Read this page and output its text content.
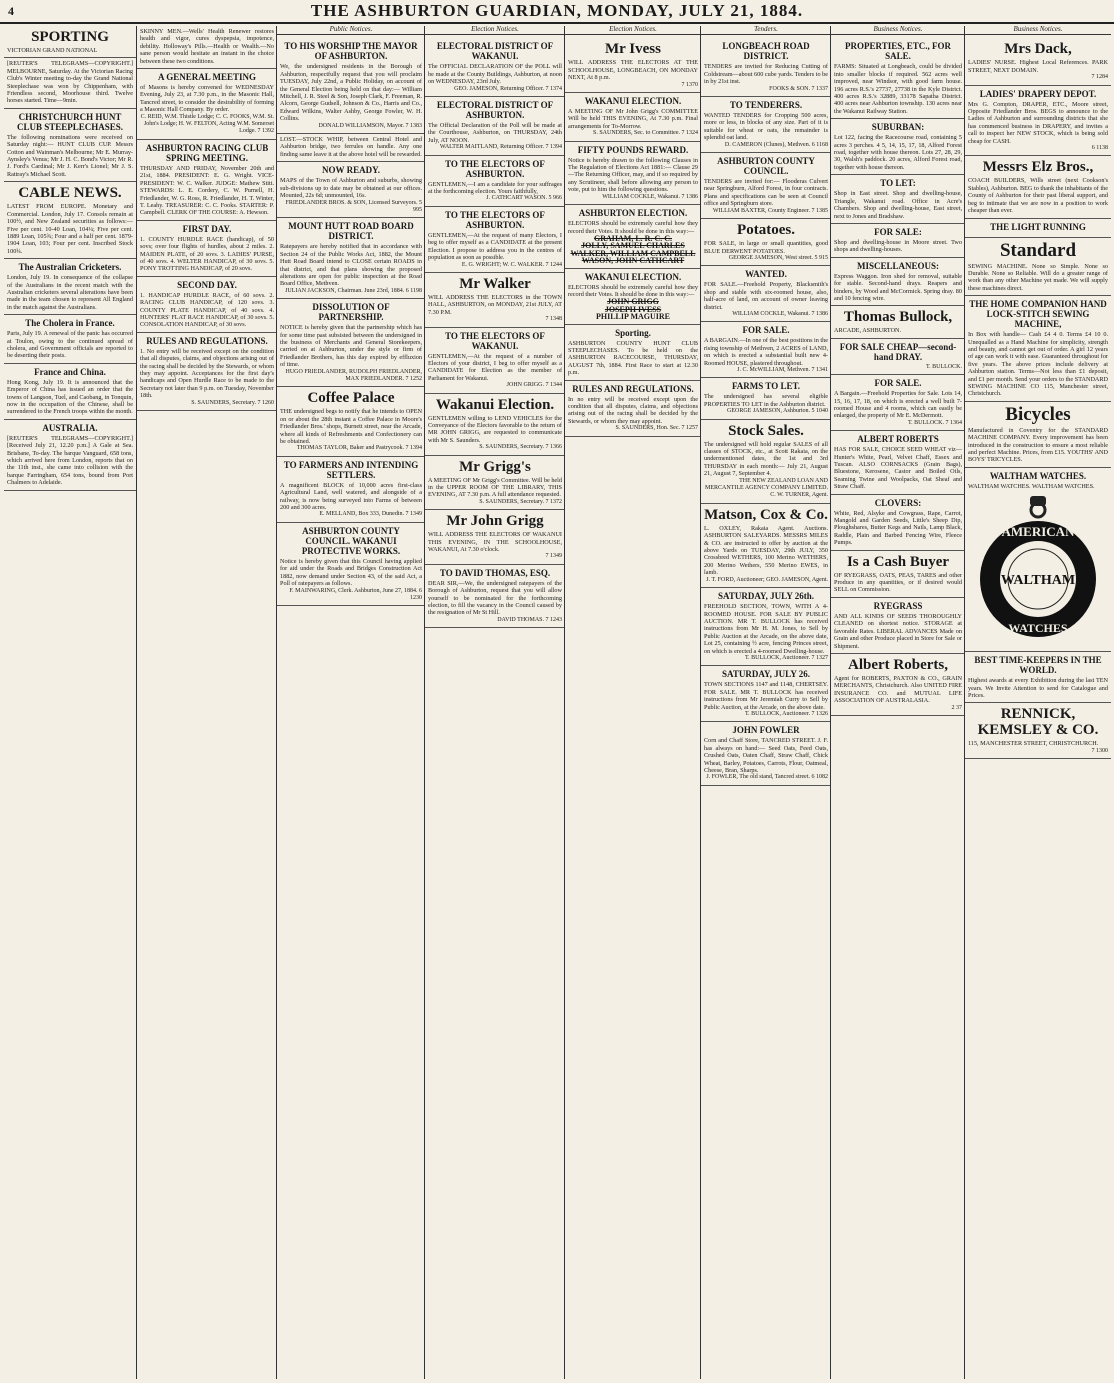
4	THE ASHBURTON GUARDIAN, MONDAY, JULY 21, 1884.
SPORTING
VICTORIAN GRAND NATIONAL
[REUTER'S TELEGRAMS—COPYRIGHT.] MELBOURNE, Saturday. At the Victorian Racing Club's Winter meeting to-day the Grand National Steeplechase was won by Chippenham, with Friendless second, Moorhouse third. Twelve horses started. Time—9min.
CHRISTCHURCH HUNT CLUB STEEPLECHASES.
The following nominations were received on Saturday night:— HUNT CLUB CUP. Messrs Cotton and Wainman's Melbourne; Mr E. Murray-Aynsley's Venus; Mr J. H. C. Bond's Victor; Mr R. J. Ford's Cardinal; Mr J. Kerr's Lionel; Mr J. S. Rattray's Michael Scott.
CABLE NEWS.
LATEST FROM EUROPE. Monetary and Commercial. London, July 17. Consols remain at 100½, and New Zealand securities as follows:—Five per cent. 10-40 Loan, 104¼; Five per cent. 1889 Loan, 105¾; Four and a half per cent. 1879-1904 Loan, 103; Four per cent. Inscribed Stock 100¾.
The Australian Cricketers.
London, July 19. In consequence of the collapse of the Australians in the recent match with the Australian cricketers several alterations have been made in the team chosen to represent All England in the match against the Australians.
The Cholera in France.
Paris, July 19. A renewal of the panic has occurred at Toulon, owing to the continued spread of cholera, and Government officials are reported to be deserting their posts.
France and China.
Hong Kong, July 19. It is announced that the Emperor of China has issued an order that the towns of Langson, Tuel, and Caobang, in Tonquin, now in the occupation of the Chinese, shall be surrendered to the French troops within the month.
AUSTRALIA.
[REUTER'S TELEGRAMS—COPYRIGHT.] [Received July 21, 12.20 p.m.] A Gale at Sea. Brisbane, To-day. The barque Vanguard, 658 tons, which arrived here from London, reports that on the 11th inst., she came into collision with the barque Farringham, 654 tons, bound from Port Chalmers to Adelaide.
SKINNY MEN.—Wells' Health Renewer restores health and vigor, cures dyspepsia, impotence, debility. Holloway's Pills.—Health or Wealth.—No sane person would hesitate an instant in the choice between these two conditions.
A GENERAL MEETING
of Masons is hereby convened for WEDNESDAY Evening, July 23, at 7.30 p.m., in the Masonic Hall, Tancred street, to consider the desirability of forming a Masonic Hall Company. By order.
C. REID, W.M. Thistle Lodge; C. C. FOOKS, W.M. St. John's Lodge; H. W. FELTON, Acting W.M. Somerset Lodge. 7 1392
ASHBURTON RACING CLUB SPRING MEETING.
THURSDAY AND FRIDAY, November 20th and 21st, 1884. PRESIDENT: E. G. Wright. VICE-PRESIDENT: W. C. Walker. JUDGE: Mathew Stitt. STEWARDS: L. E. Cordery, C. W. Purnell, H. Friedlander, W. G. Ross, R. Friedlander, H. T. Winter, T. Leahy. TREASURER: C. C. Fooks. STARTER: P. Campbell. CLERK OF THE COURSE: A. Hewson.
FIRST DAY.
1. COUNTY HURDLE RACE (handicap), of 50 sovs; over four flights of hurdles, about 2 miles. 2. MAIDEN PLATE, of 20 sovs. 3. LADIES' PURSE, of 40 sovs. 4. WELTER HANDICAP, of 30 sovs. 5. PONY TROTTING HANDICAP, of 20 sovs.
SECOND DAY.
1. HANDICAP HURDLE RACE, of 60 sovs. 2. RACING CLUB HANDICAP, of 120 sovs. 3. COUNTY PLATE HANDICAP, of 40 sovs. 4. HUNTERS' FLAT RACE HANDICAP, of 30 sovs. 5. CONSOLATION HANDICAP, of 30 sovs.
RULES AND REGULATIONS.
1. No entry will be received except on the condition that all disputes, claims, and objections arising out of the racing shall be decided by the Stewards, or whom they may appoint. Acceptances for the first day's handicaps and Open Hurdle Race to be made to the Secretary not later than 9 p.m. on Tuesday, November 18th.
S. SAUNDERS, Secretary. 7 1260
Public Notices.
TO HIS WORSHIP THE MAYOR OF ASHBURTON.
We, the undersigned residents in the Borough of Ashburton, respectfully request that you will proclaim TUESDAY, July 22nd, a Public Holiday, on account of the General Election being held on that day:— William Mitchell, J. R. Steel & Son, Joseph Clark, F. Freeman, R. Alcorn, George Gudsell, Johnson & Co., Harris and Co., Edward Wilkins, Walter Ashby, George Fowler, W. H. Collins.
DONALD WILLIAMSON, Mayor. 7 1383
LOST.—STOCK WHIP, between Central Hotel and Ashburton bridge, two ferrules on handle. Any one finding same leave it at the above hotel will be rewarded.
NOW READY.
MAPS of the Town of Ashburton and suburbs, showing sub-divisions up to date may be obtained at our offices. Mounted, 22s 6d; unmounted, 16s.
FRIEDLANDER BROS. & SON, Licensed Surveyors. 5 995
MOUNT HUTT ROAD BOARD DISTRICT.
Ratepayers are hereby notified that in accordance with Section 24 of the Public Works Act, 1882, the Mount Hutt Road Board intend to CLOSE certain ROADS in that district, and that plans showing the proposed alterations are open for public inspection at the Road Board Office, Methven.
JULIAN JACKSON, Chairman. June 23rd, 1884. 6 1198
DISSOLUTION OF PARTNERSHIP.
NOTICE is hereby given that the partnership which has for some time past subsisted between the undersigned in the business of Merchants and General Storekeepers, carried on at Ashburton, under the style or firm of Friedlander Brothers, has this day expired by effluxion of time.
HUGO FRIEDLANDER, RUDOLPH FRIEDLANDER, MAX FRIEDLANDER. 7 1252
Coffee Palace
THE undersigned begs to notify that he intends to OPEN on or about the 28th instant a Coffee Palace in Moore's Friedlander Bros.' shops, Burnett street, near the Arcade, where all kinds of Refreshments and Confectionery can be obtained.
THOMAS TAYLOR, Baker and Pastrycook. 7 1394
TO FARMERS AND INTENDING SETTLERS.
A magnificent BLOCK of 10,000 acres first-class Agricultural Land, well watered, and alongside of a railway, is now being surveyed into Farms of between 200 and 300 acres.
E. MELLAND, Box 333, Dunedin. 7 1349
ASHBURTON COUNTY COUNCIL. WAKANUI PROTECTIVE WORKS.
Notice is hereby given that this Council having applied for aid under the Roads and Bridges Construction Act 1882, now demand under Section 43, of the said Act, a Poll of ratepayers as follows.
F. MAINWARING, Clerk. Ashburton, June 27, 1884. 6 1230
Election Notices.
ELECTORAL DISTRICT OF WAKANUI.
The OFFICIAL DECLARATION OF the POLL will be made at the County Buildings, Ashburton, at noon on WEDNESDAY, 23rd July.
GEO. JAMESON, Returning Officer. 7 1374
ELECTORAL DISTRICT OF ASHBURTON.
The Official Declaration of the Poll will be made at the Courthouse, Ashburton, on THURSDAY, 24th July, AT NOON.
WALTER MAITLAND, Returning Officer. 7 1394
TO THE ELECTORS OF ASHBURTON.
GENTLEMEN,—I am a candidate for your suffrages at the forthcoming election. Yours faithfully,
J. CATHCART WASON. 5 966
TO THE ELECTORS OF ASHBURTON.
GENTLEMEN,—At the request of many Electors, I beg to offer myself as a CANDIDATE at the present Election. I propose to address you in the centres of population as soon as possible.
E. G. WRIGHT; W. C. WALKER. 7 1244
Mr Walker
WILL ADDRESS THE ELECTORS in the TOWN HALL, ASHBURTON, on MONDAY, 21st JULY, AT 7.30 P.M.
7 1348
TO THE ELECTORS OF WAKANUI.
GENTLEMEN,—At the request of a number of Electors of your district, I beg to offer myself as a CANDIDATE for Election as the member of Parliament for Wakanui.
JOHN GRIGG. 7 1344
Wakanui Election.
GENTLEMEN willing to LEND VEHICLES for the Conveyance of the Electors favorable to the return of MR JOHN GRIGG, are requested to communicate with Mr S. Saunders.
S. SAUNDERS, Secretary. 7 1366
Mr Grigg's
A MEETING OF Mr Grigg's Committee. Will be held in the UPPER ROOM OF THE LIBRARY, THIS EVENING, AT 7.30 p.m. A full attendance requested.
S. SAUNDERS, Secretary. 7 1372
Mr John Grigg
WILL ADDRESS THE ELECTORS OF WAKANUI THIS EVENING, IN THE SCHOOLHOUSE, WAKANUI, At 7.30 o'clock.
7 1349
TO DAVID THOMAS, ESQ.
DEAR SIR,—We, the undersigned ratepayers of the Borough of Ashburton, request that you will allow yourself to be nominated for the forthcoming election, to fill the vacancy in the Council caused by the resignation of Mr St Hill.
DAVID THOMAS. 7 1243
Election Notices.
Mr Ivess
WILL ADDRESS THE ELECTORS AT THE SCHOOLHOUSE, LONGBEACH, ON MONDAY NEXT, At 8 p.m.
7 1370
WAKANUI ELECTION.
A MEETING OF Mr John Grigg's COMMITTEE Will be held THIS EVENING, At 7.30 p.m. Final arrangements for To-Morrow.
S. SAUNDERS, Sec. to Committee. 7 1324
FIFTY POUNDS REWARD.
Notice is hereby drawn to the following Clauses in The Regulation of Elections Act 1881:— Clause 29—The Returning Officer, may, and if so required by any Scrutineer, shall before allowing any person to vote, put to him the following questions.
WILLIAM COCKLE, Wakanui. 7 1386
ASHBURTON ELECTION.
ELECTORS should be extremely careful how they record their Votes. It should be done in this way:—
GRAHAM, L. R. C. C.
JOLLY, SAMUEL CHARLES
WALKER, WILLIAM CAMPBELL
WASON, JOHN CATHCART
WAKANUI ELECTION.
ELECTORS should be extremely careful how they record their Votes. It should be done in this way:—
JOHN GRIGG
JOSEPH IVESS
PHILLIP MAGUIRE
Sporting.
ASHBURTON COUNTY HUNT CLUB STEEPLECHASES. To be held on the ASHBURTON RACECOURSE, THURSDAY, AUGUST 7th, 1884. First Race to start at 12.30 p.m.
RULES AND REGULATIONS.
In no entry will be received except upon the condition that all disputes, claims, and objections arising out of the racing shall be decided by the Stewards, or whom they may appoint.
S. SAUNDERS, Hon. Sec. 7 1257
Tenders.
LONGBEACH ROAD DISTRICT.
TENDERS are invited for Reducing Cutting of Coldstream—about 600 cube yards. Tenders to be in by 21st inst.
FOOKS & SON. 7 1337
TO TENDERERS.
WANTED TENDERS for Cropping 500 acres, more or less, in blocks of any size. Part of it is suitable for wheat or oats, the remainder is splendid oat land.
D. CAMERON (Clunes), Methven. 6 1168
ASHBURTON COUNTY COUNCIL.
TENDERS are invited for:— Flooderas Culvert near Springburn, Alford Forest, in four contracts. Plans and specifications can be seen at Council office and Springburn store.
WILLIAM BAXTER, County Engineer. 7 1385
Potatoes.
FOR SALE, in large or small quantities, good BLUE DERWENT POTATOES.
GEORGE JAMESON, West street. 5 915
WANTED.
FOR SALE.—Freehold Property, Blacksmith's shop and stable with six-roomed house, also, half-acre of land, on account of owner leaving district.
WILLIAM COCKLE, Wakanui. 7 1386
FOR SALE.
A BARGAIN.—In one of the best positions in the rising township of Methven, 2 ACRES of LAND, on which is erected a substantial built new 4-Roomed HOUSE, plastered throughout.
J. C. McWILLIAM, Methven. 7 1341
FARMS TO LET.
The undersigned has several eligible PROPERTIES TO LET in the Ashburton district.
GEORGE JAMESON, Ashburton. 5 1040
Stock Sales.
The undersigned will hold regular SALES of all classes of STOCK, etc., at Scott Rakaia, on the undermentioned dates, the 1st and 3rd THURSDAY in each month:— July 21, August 21, August 7, September 4.
THE NEW ZEALAND LOAN AND MERCANTILE AGENCY COMPANY LIMITED. C. W. TURNER, Agent.
Matson, Cox & Co.
L. OXLEY, Rakaia Agent. Auctions. ASHBURTON SALEYARDS. MESSRS MILES & CO. are instructed to offer by auction at the above Yards on TUESDAY, 29th JULY, 350 Crossbred WETHERS, 100 Merino WETHERS, 200 Merino Wethers, 550 Merino EWES, in lamb.
J. T. FORD, Auctioneer; GEO. JAMESON, Agent.
SATURDAY, JULY 26th.
FREEHOLD SECTION, TOWN, WITH A 4-ROOMED HOUSE. FOR SALE BY PUBLIC AUCTION. MR T. BULLOCK has received instructions from Mr H. M. Jones, to Sell by Public Auction at the Arcade, on the above date, Lot 25, containing ½ acre, fencing Princes street, on which is erected a 4-roomed Dwelling-house.
T. BULLOCK, Auctioneer. 7 1327
SATURDAY, JULY 26.
TOWN SECTIONS 1147 and 1148, CHERTSEY. FOR SALE. MR T. BULLOCK has received instructions from Mr Jeremiah Curry to Sell by Public Auction, at the Arcade, on the above date.
T. BULLOCK, Auctioneer. 7 1326
JOHN FOWLER
Corn and Chaff Store, TANCRED STREET. J. F. has always on hand:— Seed Oats, Feed Oats, Crushed Oats, Oaten Chaff, Straw Chaff, Chick Wheat, Barley, Potatoes, Carrots, Flour, Oatmeal, Cheese, Bran, Sharps.
J. FOWLER, The old stand, Tancred street. 6 1082
Business Notices.
PROPERTIES, ETC., FOR SALE.
FARMS: Situated at Longbeach, could be divided into smaller blocks if required. 562 acres well improved, near Windsor, with good farm house. 196 acres R.S.'s 27737, 27738 in the Kyle District. 400 acres R.S.'s 32889, 33178 Sapatha District. 400 acres near Ashburton township. 130 acres near the Wakanui Railway Station.
SUBURBAN:
Lot 122, facing the Racecourse road, containing 5 acres 3 perches. 4 5, 14, 15, 17, 18, Alford Forest road, together with house thereon. Lots 27, 28, 29, 30, Walsh's paddock. 20 acres, Alford Forest road, together with house thereon.
TO LET:
Shop in East street. Shop and dwelling-house, Triangle, Wakanui road. Office in Acre's Chambers. Shop and dwelling-house, East street, next to Jones and Bradshaw.
FOR SALE:
Shop and dwelling-house in Moore street. Two shops and dwelling-houses.
MISCELLANEOUS:
Express Waggon. Iron shed for removal, suitable for stable. Second-hand drays. Reapers and binders, by Wood and McCormick. Spring dray. 80 and 10 fencing wire.
Thomas Bullock,
ARCADE, ASHBURTON.
FOR SALE CHEAP—second-hand DRAY.
T. BULLOCK.
FOR SALE.
A Bargain.—Freehold Properties for Sale. Lots 14, 15, 16, 17, 18, on which is erected a well built 7-roomed House and 4 rooms, which can easily be enlarged, the property of Mr E. McDermott.
T. BULLOCK. 7 1364
ALBERT ROBERTS
HAS FOR SALE, CHOICE SEED WHEAT viz— Hunter's White, Pearl, Velvet Chaff, Essex and Tuscan. ALSO CORNSACKS (Grain Bags), Bluestone, Kerosene, Castor and Boiled Oils, Seaming Twine and Woolpacks, Oat Sheaf and Straw Chaff.
CLOVERS:
White, Red, Alsyke and Cowgrass, Rape, Carrot, Mangold and Garden Seeds, Little's Sheep Dip, Ploughshares, Butter Kegs and Nails, Lamp Black, Raddle, Plain and Barbed Fencing Wire, Fleece Pumps.
Is a Cash Buyer
OF RYEGRASS, OATS, PEAS, TARES and other Produce in any quantities, or if desired would SELL on Commission.
RYEGRASS
AND ALL KINDS OF SEEDS THOROUGHLY CLEANED on shortest notice. STORAGE at favorable Rates. LIBERAL ADVANCES Made on Grain and other Produce placed in Store for Sale or Shipment.
Albert Roberts,
Agent for ROBERTS, PAXTON & CO., GRAIN MERCHANTS, Christchurch. Also UNITED FIRE INSURANCE CO. and MUTUAL LIFE ASSOCIATION OF AUSTRALASIA.
2 37
Business Notices.
Mrs Dack,
LADIES' NURSE. Highest Local References. PARK STREET, NEXT DOMAIN.
7 1284
LADIES' DRAPERY DEPOT.
Mrs G. Compton, DRAPER, ETC., Moore street, Opposite Friedlander Bros. BEGS to announce to the Ladies of Ashburton and surrounding districts that she has commenced business in DRAPERY, and invites a call to inspect her NEW STOCK, which is being sold cheap for CASH.
6 1138
Messrs Elz Bros.,
COACH BUILDERS, Wills street (next Cookson's Stables), Ashburton. BEG to thank the inhabitants of the County of Ashburton for their past liberal support, and beg to intimate that we are now in a position to work cheaper than ever.
THE LIGHT RUNNING
Standard
SEWING MACHINE. None so Simple. None so Durable. None so Reliable. Will do a greater range of work than any other Machine yet made. We will supply these machines direct.
THE HOME COMPANION HAND LOCK-STITCH SEWING MACHINE,
In Box with handle— Cash £4 4 0. Terms £4 10 0. Unequalled as a Hand Machine for simplicity, strength and beauty, and cannot get out of order. A girl 12 years of age can work it with ease. Guaranteed throughout for five years. The above prices include delivery at Ashburton station. Terms—Not less than £1 deposit, and £1 per month. Send your orders to the STANDARD SEWING MACHINE CO 115, Manchester street, Christchurch.
Bicycles
Manufactured in Coventry for the STANDARD MACHINE COMPANY. Every improvement has been introduced in the construction to ensure a most reliable and perfect Machine. Prices, from £15. YOUTHS' AND BOYS' TRICYCLES.
WALTHAM WATCHES.
WALTHAM WATCHES. WALTHAM WATCHES.
AMERICAN
WALTHAM
WATCHES
BEST TIME-KEEPERS IN THE WORLD.
Highest awards at every Exhibition during the last TEN years. We Invite Attention to send for Catalogue and Prices.
RENNICK, KEMSLEY & CO.
115, MANCHESTER STREET, CHRISTCHURCH.
7 1300
